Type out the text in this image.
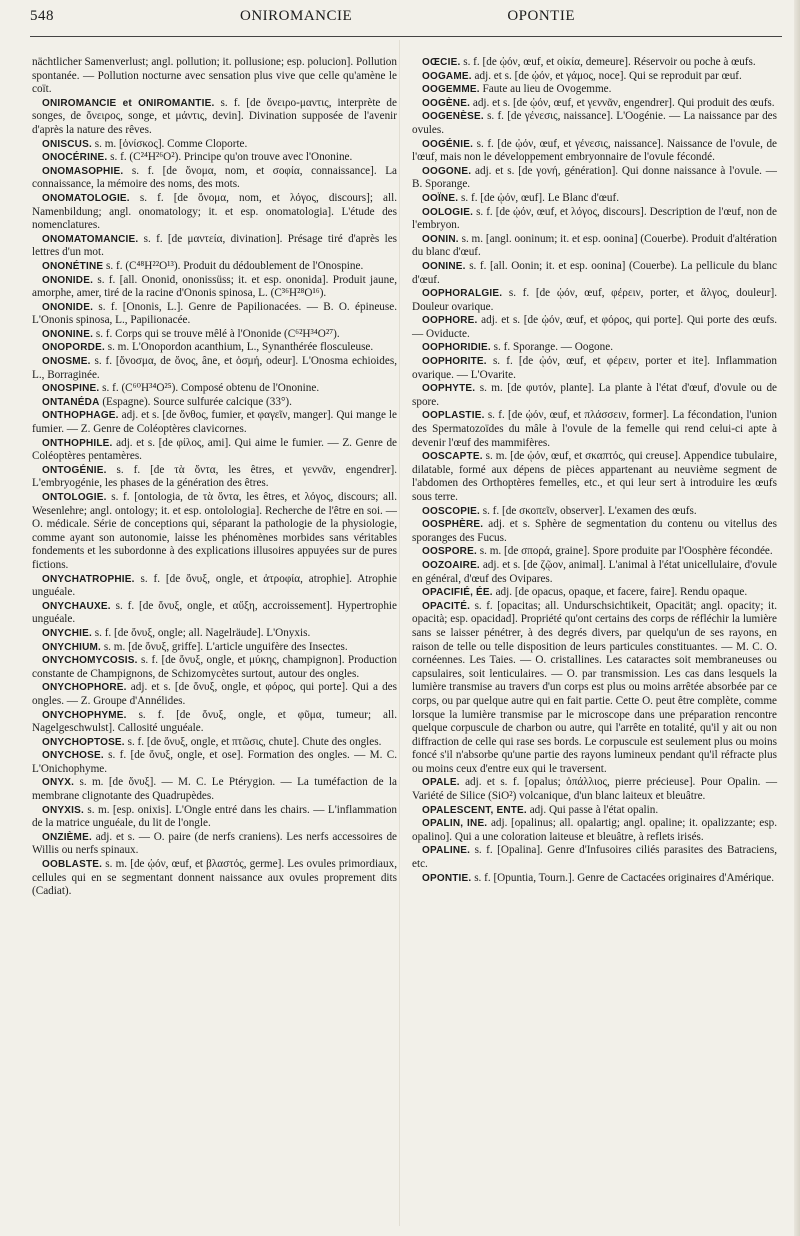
548	ONIROMANCIE	OPONTIE

nächtlicher Samenverlust; angl. pollution; it. pollusione; esp. polucion]. Pollution spontanée. — Pollution nocturne avec sensation plus vive que celle qu'amène le coït.

ONIROMANCIE et ONIROMANTIE. s. f. [de ὄνειρο-μαντις, interprète de songes, de ὄνειρος, songe, et μάντις, devin]. Divination supposée de l'avenir d'après la nature des rêves.

ONISCUS. s. m. [ὀνίσκος]. Comme Cloporte.

ONOCÉRINE. s. f. (C²⁴H²⁶O²). Principe qu'on trouve avec l'Ononine.

ONOMASOPHIE. s. f. [de ὄνομα, nom, et σοφία, connaissance]. La connaissance, la mémoire des noms, des mots.

ONOMATOLOGIE. s. f. [de ὄνομα, nom, et λόγος, discours]; all. Namenbildung; angl. onomatology; it. et esp. onomatologia]. L'étude des nomenclatures.

ONOMATOMANCIE. s. f. [de μαντεία, divination]. Présage tiré d'après les lettres d'un mot.

ONONÉTINE s. f. (C⁴⁸H²²O¹³). Produit du dédoublement de l'Onospine.

ONONIDE. s. f. [all. Ononid, ononissüss; it. et esp. ononida]. Produit jaune, amorphe, amer, tiré de la racine d'Ononis spinosa, L. (C³⁶H²⁸O¹⁶).

ONONIDE. s. f. [Ononis, L.]. Genre de Papilionacées. — B. O. épineuse. L'Ononis spinosa, L., Papilionacée.

ONONINE. s. f. Corps qui se trouve mêlé à l'Ononide (C⁶²H³⁴O²⁷).

ONOPORDE. s. m. L'Onopordon acanthium, L., Synanthérée flosculeuse.

ONOSME. s. f. [ὄνοσμα, de ὄνος, âne, et ὀσμή, odeur]. L'Onosma echioides, L., Borraginée.

ONOSPINE. s. f. (C⁶⁰H³⁴O²⁵). Composé obtenu de l'Ononine.

ONTANÉDA (Espagne). Source sulfurée calcique (33°).

ONTHOPHAGE. adj. et s. [de ὄνθος, fumier, et φαγεῖν, manger]. Qui mange le fumier. — Z. Genre de Coléoptères clavicornes.

ONTHOPHILE. adj. et s. [de φίλος, ami]. Qui aime le fumier. — Z. Genre de Coléoptères pentamères.

ONTOGÉNIE. s. f. [de τὰ ὄντα, les êtres, et γεννᾶν, engendrer]. L'embryogénie, les phases de la génération des êtres.

ONTOLOGIE. s. f. [ontologia, de τὰ ὄντα, les êtres, et λόγος, discours; all. Wesenlehre; angl. ontology; it. et esp. ontolologia]. Recherche de l'être en soi. — O. médicale. Série de conceptions qui, séparant la pathologie de la physiologie, comme ayant son autonomie, laisse les phénomènes morbides sans véritables fondements et les subordonne à des explications illusoires appuyées sur de pures fictions.

ONYCHATROPHIE. s. f. [de ὄνυξ, ongle, et ἀτροφία, atrophie]. Atrophie unguéale.

ONYCHAUXE. s. f. [de ὄνυξ, ongle, et αὔξη, accroissement]. Hypertrophie unguéale.

ONYCHIE. s. f. [de ὄνυξ, ongle; all. Nagelräude]. L'Onyxis.

ONYCHIUM. s. m. [de ὄνυξ, griffe]. L'article unguifère des Insectes.

ONYCHOMYCOSIS. s. f. [de ὄνυξ, ongle, et μύκης, champignon]. Production constante de Champignons, de Schizomycètes surtout, autour des ongles.

ONYCHOPHORE. adj. et s. [de ὄνυξ, ongle, et φόρος, qui porte]. Qui a des ongles. — Z. Groupe d'Annélides.

ONYCHOPHYME. s. f. [de ὄνυξ, ongle, et φῦμα, tumeur; all. Nagelgeschwulst]. Callosité unguéale.

ONYCHOPTOSE. s. f. [de ὄνυξ, ongle, et πτῶσις, chute]. Chute des ongles.

ONYCHOSE. s. f. [de ὄνυξ, ongle, et ose]. Formation des ongles. — M. C. L'Onichophyme.

ONYX. s. m. [de ὄνυξ]. — M. C. Le Ptérygion. — La tuméfaction de la membrane clignotante des Quadrupèdes.

ONYXIS. s. m. [esp. onixis]. L'Ongle entré dans les chairs. — L'inflammation de la matrice unguéale, du lit de l'ongle.

ONZIÈME. adj. et s. — O. paire (de nerfs craniens). Les nerfs accessoires de Willis ou nerfs spinaux.

OOBLASTE. s. m. [de ᾠόν, œuf, et βλαστός, germe]. Les ovules primordiaux, cellules qui en se segmentant donnent naissance aux ovules proprement dits (Cadiat).

OŒCIE. s. f. [de ᾠόν, œuf, et οἰκία, demeure]. Réservoir ou poche à œufs.

OOGAME. adj. et s. [de ᾠόν, et γάμος, noce]. Qui se reproduit par œuf.

OOGEMME. Faute au lieu de Ovogemme.

OOGÈNE. adj. et s. [de ᾠόν, œuf, et γεννᾶν, engendrer]. Qui produit des œufs.

OOGENÈSE. s. f. [de γένεσις, naissance]. L'Oogénie. — La naissance par des ovules.

OOGÉNIE. s. f. [de ᾠόν, œuf, et γένεσις, naissance]. Naissance de l'ovule, de l'œuf, mais non le développement embryonnaire de l'ovule fécondé.

OOGONE. adj. et s. [de γονή, génération]. Qui donne naissance à l'ovule. — B. Sporange.

OOÏNE. s. f. [de ᾠόν, œuf]. Le Blanc d'œuf.

OOLOGIE. s. f. [de ᾠόν, œuf, et λόγος, discours]. Description de l'œuf, non de l'embryon.

OONIN. s. m. [angl. ooninum; it. et esp. oonina] (Couerbe). Produit d'altération du blanc d'œuf.

OONINE. s. f. [all. Oonin; it. et esp. oonina] (Couerbe). La pellicule du blanc d'œuf.

OOPHORALGIE. s. f. [de ᾠόν, œuf, φέρειν, porter, et ἄλγος, douleur]. Douleur ovarique.

OOPHORE. adj. et s. [de ᾠόν, œuf, et φόρος, qui porte]. Qui porte des œufs. — Oviducte.

OOPHORIDIE. s. f. Sporange. — Oogone.

OOPHORITE. s. f. [de ᾠόν, œuf, et φέρειν, porter et ite]. Inflammation ovarique. — L'Ovarite.

OOPHYTE. s. m. [de φυτόν, plante]. La plante à l'état d'œuf, d'ovule ou de spore.

OOPLASTIE. s. f. [de ᾠόν, œuf, et πλάσσειν, former]. La fécondation, l'union des Spermatozoïdes du mâle à l'ovule de la femelle qui rend celui-ci apte à devenir l'œuf des mammifères.

OOSCAPTE. s. m. [de ᾠόν, œuf, et σκαπτός, qui creuse]. Appendice tubulaire, dilatable, formé aux dépens de pièces appartenant au neuvième segment de l'abdomen des Orthoptères femelles, etc., et qui leur sert à introduire les œufs sous terre.

OOSCOPIE. s. f. [de σκοπεῖν, observer]. L'examen des œufs.

OOSPHÈRE. adj. et s. Sphère de segmentation du contenu ou vitellus des sporanges des Fucus.

OOSPORE. s. m. [de σπορά, graine]. Spore produite par l'Oosphère fécondée.

OOZOAIRE. adj. et s. [de ζῷον, animal]. L'animal à l'état unicellulaire, d'ovule en général, d'œuf des Ovipares.

OPACIFIÉ, ÉE. adj. [de opacus, opaque, et facere, faire]. Rendu opaque.

OPACITÉ. s. f. [opacitas; all. Undurschsichtikeit, Opacität; angl. opacity; it. opacità; esp. opacidad]. Propriété qu'ont certains des corps de réfléchir la lumière sans se laisser pénétrer, à des degrés divers, par quelqu'un de ses rayons, en raison de telle ou telle disposition de leurs particules constituantes. — M. C. O. cornéennes. Les Taies. — O. cristallines. Les cataractes soit membraneuses ou capsulaires, soit lenticulaires. — O. par transmission. Les cas dans lesquels la lumière transmise au travers d'un corps est plus ou moins arrêtée absorbée par ce corps, ou par quelque autre qui en fait partie. Cette O. peut être complète, comme lorsque la lumière transmise par le microscope dans une préparation rencontre quelque corpuscule de charbon ou autre, qui l'arrête en totalité, qu'il y ait ou non diffraction de celle qui rase ses bords. Le corpuscule est seulement plus ou moins foncé s'il n'absorbe qu'une partie des rayons lumineux pendant qu'il réfracte plus ou moins ceux d'entre eux qui le traversent.

OPALE. adj. et s. f. [opalus; ὀπάλλιος, pierre précieuse]. Pour Opalin. — Variété de Silice (SiO²) volcanique, d'un blanc laiteux et bleuâtre.

OPALESCENT, ENTE. adj. Qui passe à l'état opalin.

OPALIN, INE. adj. [opalinus; all. opalartig; angl. opaline; it. opalizzante; esp. opalino]. Qui a une coloration laiteuse et bleuâtre, à reflets irisés.

OPALINE. s. f. [Opalina]. Genre d'Infusoires ciliés parasites des Batraciens, etc.

OPONTIE. s. f. [Opuntia, Tourn.]. Genre de Cactacées originaires d'Amérique.
